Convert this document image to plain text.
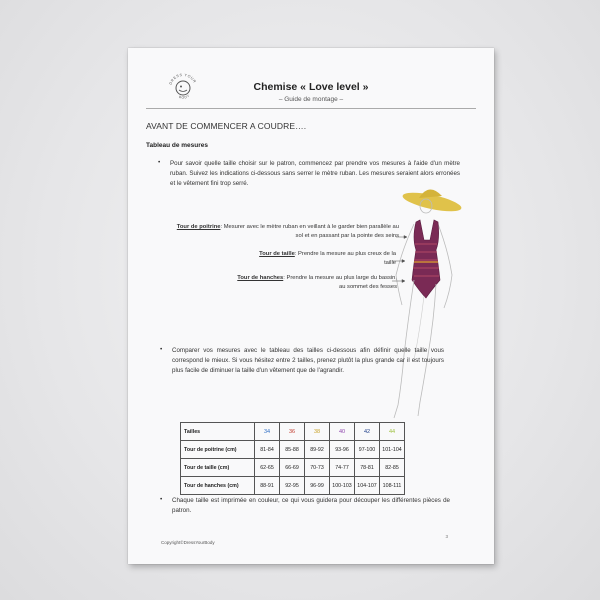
DRESS YOUR
BODY
Chemise « Love level »
– Guide de montage –
AVANT DE COMMENCER A COUDRE….
Tableau de mesures
• Pour savoir quelle taille choisir sur le patron, commencez par prendre vos mesures à l'aide d'un mètre ruban. Suivez les indications ci-dessous sans serrer le mètre ruban. Les mesures seraient alors erronées et le vêtement fini trop serré.

Tour de poitrine: Mesurer avec le mètre ruban en veillant à le garder bien parallèle au sol et en passant par la pointe des seins
Tour de taille: Prendre la mesure au plus creux de la taille
Tour de hanches: Prendre la mesure au plus large du bassin, au sommet des fesses
• Comparer vos mesures avec le tableau des tailles ci-dessous afin définir quelle taille vous correspond le mieux. Si vous hésitez entre 2 tailles, prenez plutôt la plus grande car il est toujours plus facile de diminuer la taille d'un vêtement que de l'agrandir.

Tailles	34	36	38	40	42	44
Tour de poitrine (cm)	81-84	85-88	89-92	93-96	97-100	101-104
Tour de taille (cm)	62-65	66-69	70-73	74-77	78-81	82-85
Tour de hanches (cm)	88-91	92-95	96-99	100-103	104-107	108-111
• Chaque taille est imprimée en couleur, ce qui vous guidera pour découper les différentes pièces de patron.

Copyright©DressYourBody
3
